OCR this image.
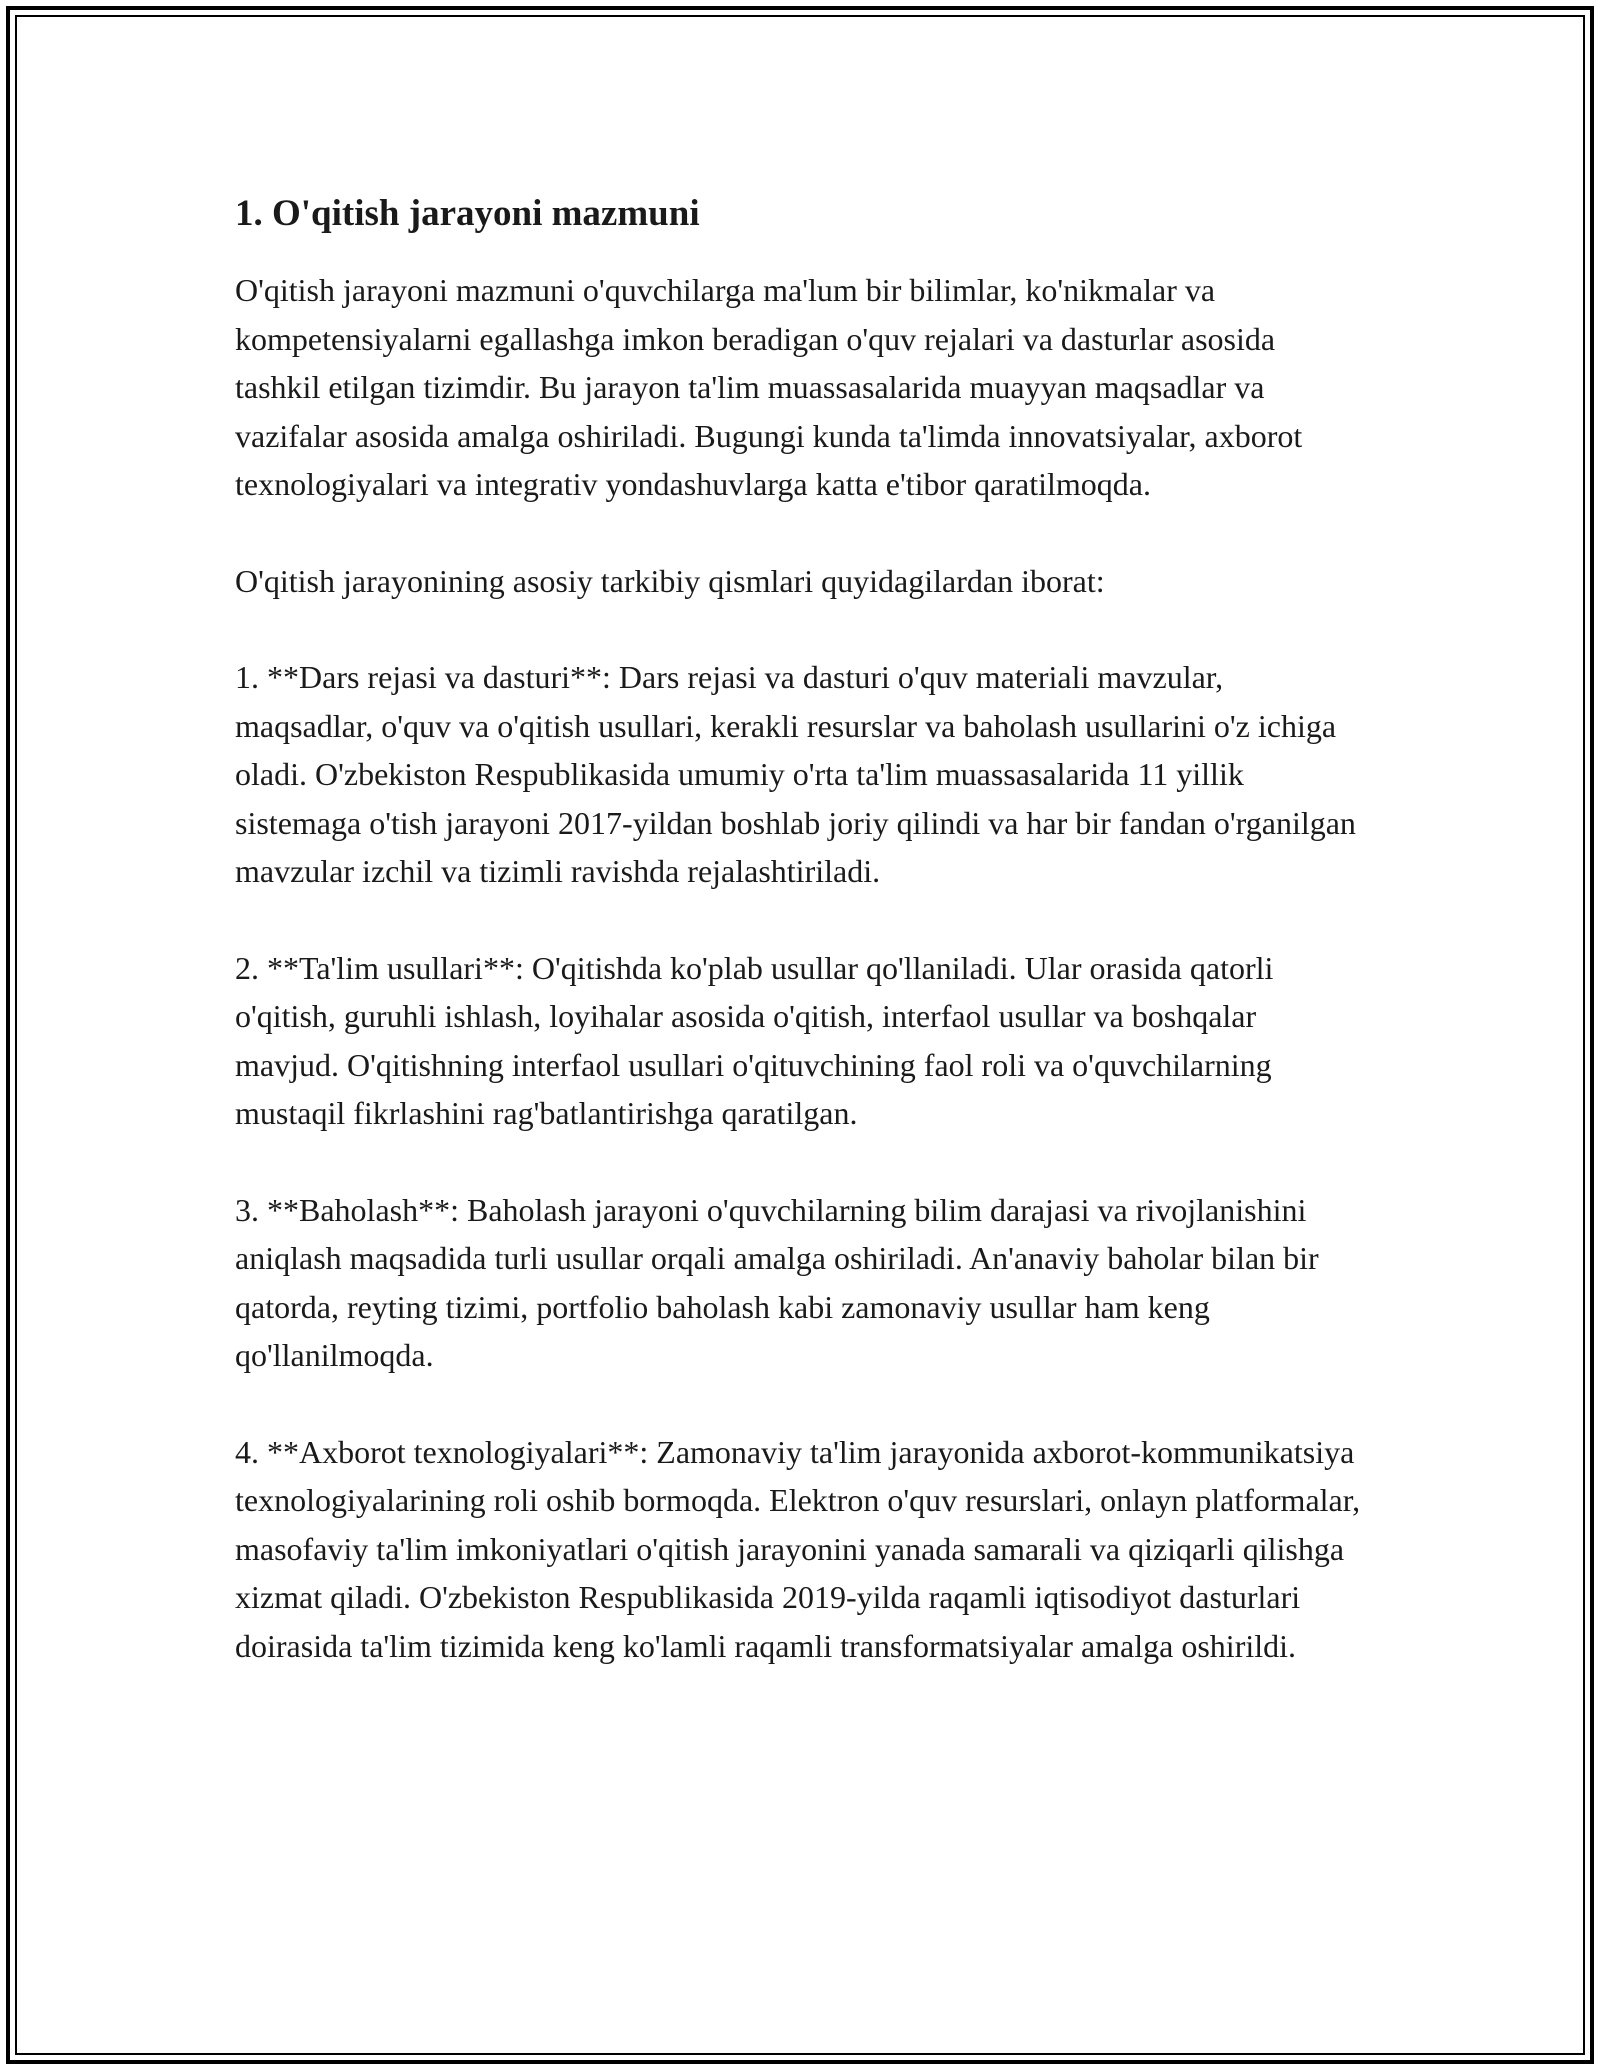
1. O'qitish jarayoni mazmuni

O'qitish jarayoni mazmuni o'quvchilarga ma'lum bir bilimlar, ko'nikmalar va kompetensiyalarni egallashga imkon beradigan o'quv rejalari va dasturlar asosida tashkil etilgan tizimdir. Bu jarayon ta'lim muassasalarida muayyan maqsadlar va vazifalar asosida amalga oshiriladi. Bugungi kunda ta'limda innovatsiyalar, axborot texnologiyalari va integrativ yondashuvlarga katta e'tibor qaratilmoqda.

O'qitish jarayonining asosiy tarkibiy qismlari quyidagilardan iborat:

1. **Dars rejasi va dasturi**: Dars rejasi va dasturi o'quv materiali mavzular, maqsadlar, o'quv va o'qitish usullari, kerakli resurslar va baholash usullarini o'z ichiga oladi. O'zbekiston Respublikasida umumiy o'rta ta'lim muassasalarida 11 yillik sistemaga o'tish jarayoni 2017-yildan boshlab joriy qilindi va har bir fandan o'rganilgan mavzular izchil va tizimli ravishda rejalashtiriladi.

2. **Ta'lim usullari**: O'qitishda ko'plab usullar qo'llaniladi. Ular orasida qatorli o'qitish, guruhli ishlash, loyihalar asosida o'qitish, interfaol usullar va boshqalar mavjud. O'qitishning interfaol usullari o'qituvchining faol roli va o'quvchilarning mustaqil fikrlashini rag'batlantirishga qaratilgan.

3. **Baholash**: Baholash jarayoni o'quvchilarning bilim darajasi va rivojlanishini aniqlash maqsadida turli usullar orqali amalga oshiriladi. An'anaviy baholar bilan bir qatorda, reyting tizimi, portfolio baholash kabi zamonaviy usullar ham keng qo'llanilmoqda.

4. **Axborot texnologiyalari**: Zamonaviy ta'lim jarayonida axborot-kommunikatsiya texnologiyalarining roli oshib bormoqda. Elektron o'quv resurslari, onlayn platformalar, masofaviy ta'lim imkoniyatlari o'qitish jarayonini yanada samarali va qiziqarli qilishga xizmat qiladi. O'zbekiston Respublikasida 2019-yilda raqamli iqtisodiyot dasturlari doirasida ta'lim tizimida keng ko'lamli raqamli transformatsiyalar amalga oshirildi.
